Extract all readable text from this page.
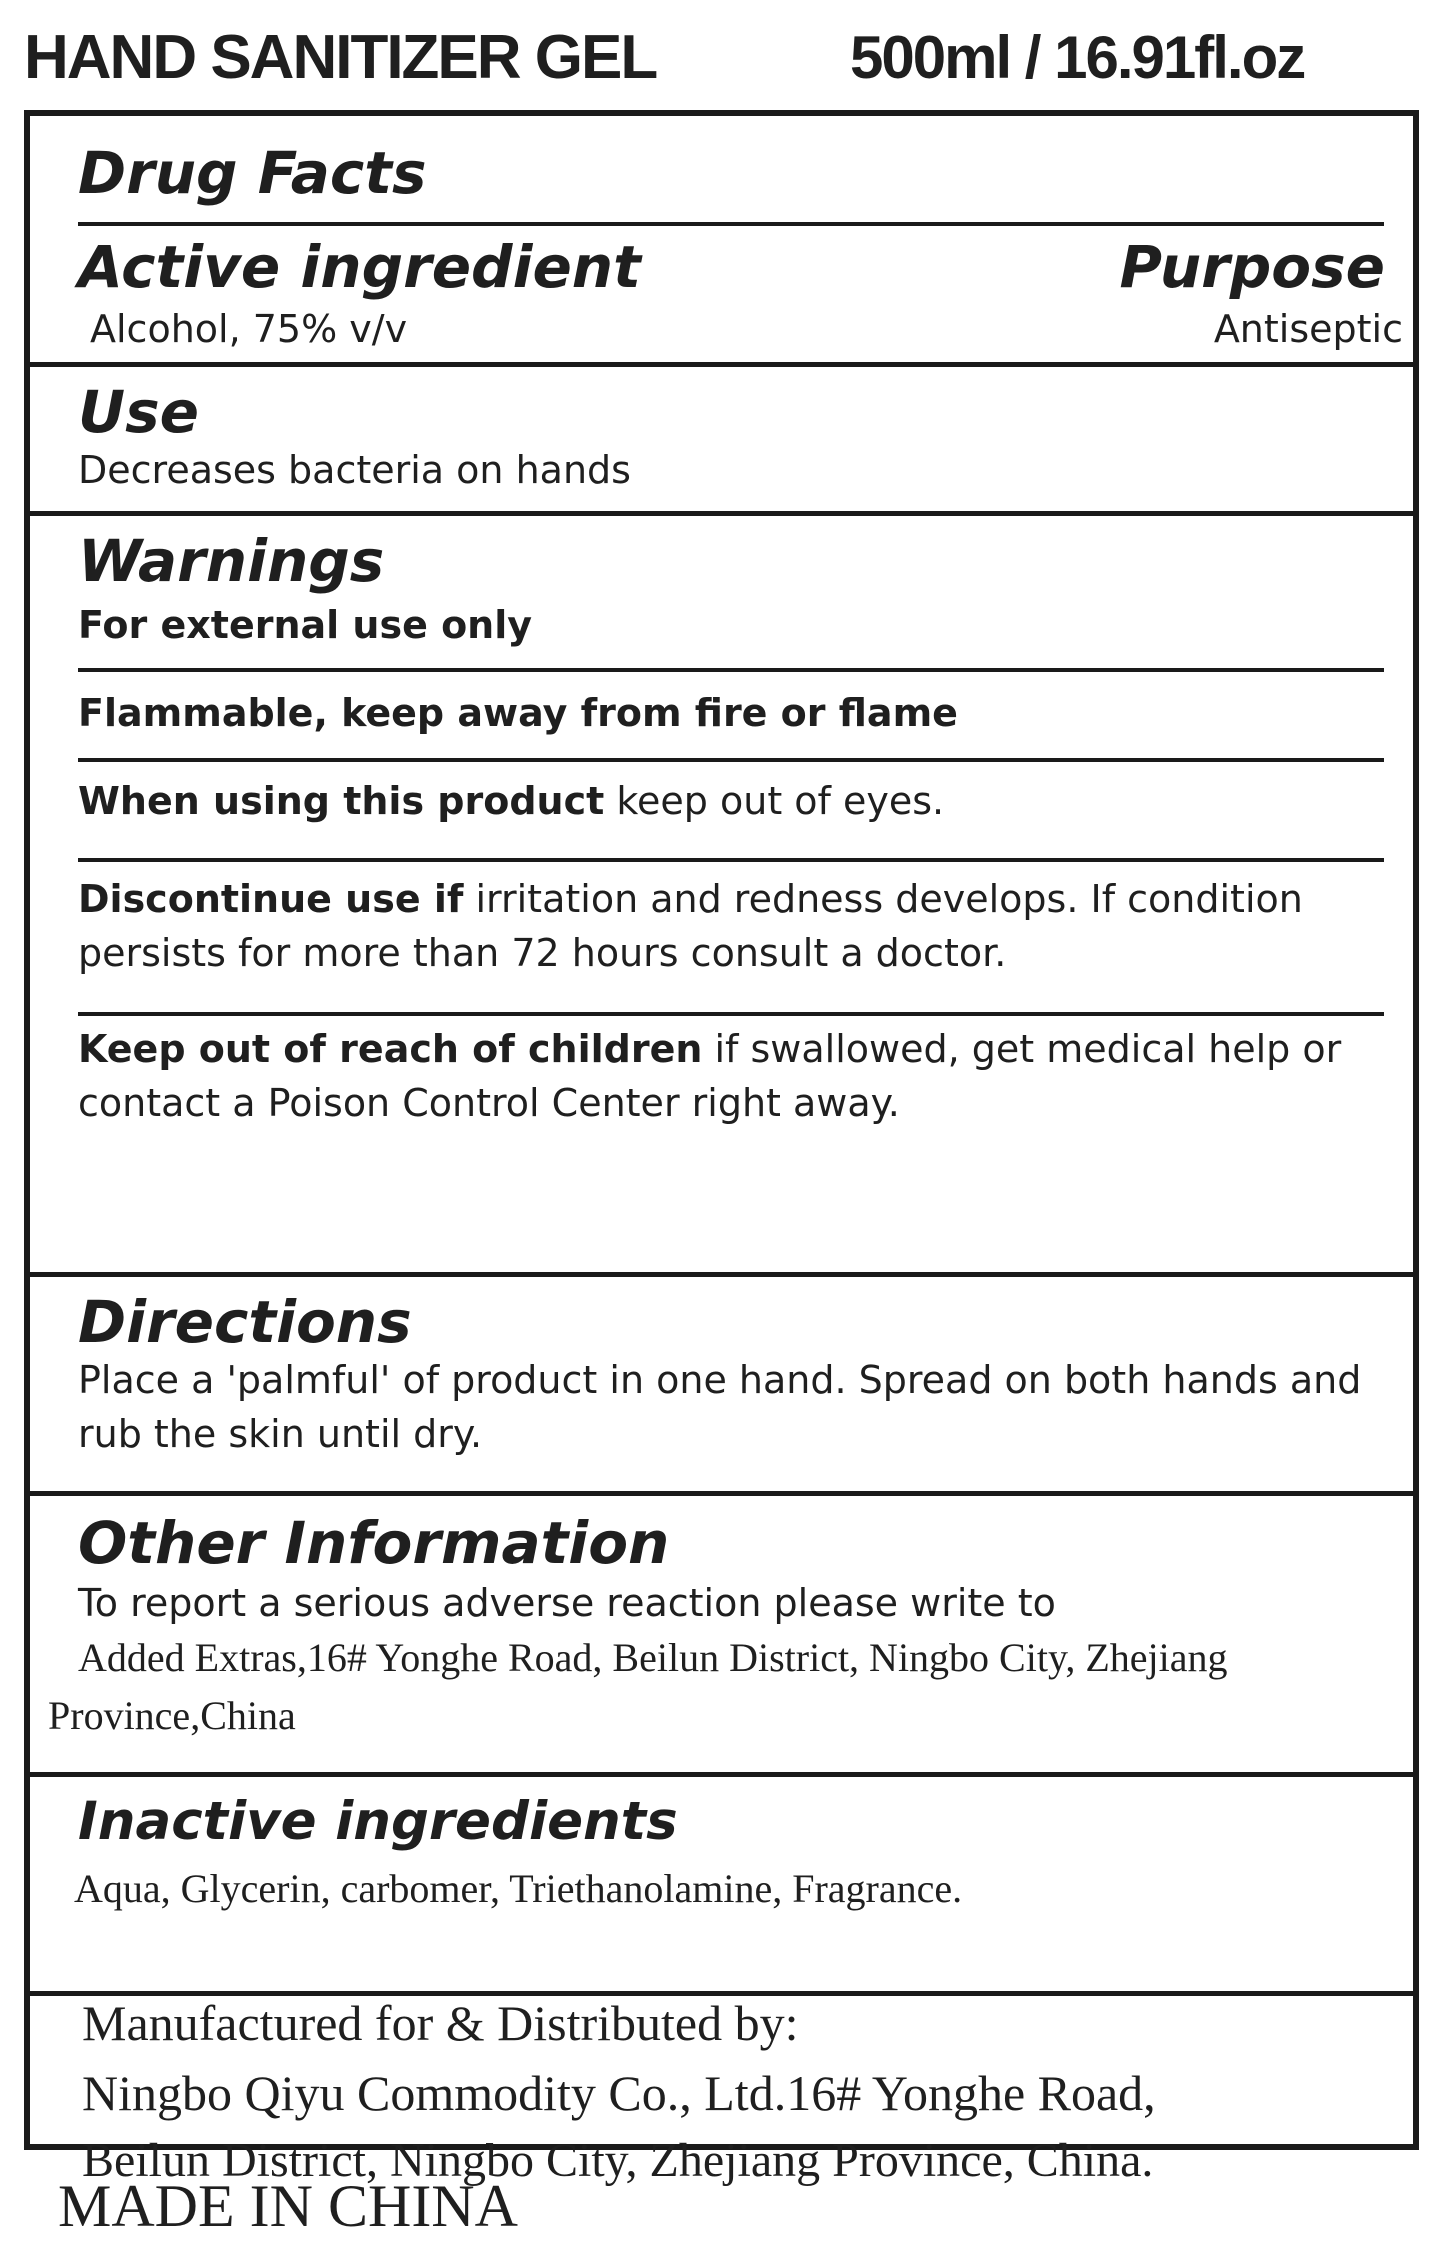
HAND SANITIZER GEL	500ml / 16.91fl.oz
Drug Facts
Active ingredient	Purpose
Alcohol, 75% v/v	Antiseptic
Use
Decreases bacteria on hands
Warnings
For external use only
Flammable, keep away from fire or flame
When using this product keep out of eyes.
Discontinue use if irritation and redness develops. If condition persists for more than 72 hours consult a doctor.
Keep out of reach of children if swallowed, get medical help or contact a Poison Control Center right away.
Directions
Place a 'palmful' of product in one hand. Spread on both hands and rub the skin until dry.
Other Information
To report a serious adverse reaction please write to
Added Extras,16# Yonghe Road, Beilun District, Ningbo City, Zhejiang
Province,China
Inactive ingredients
Aqua, Glycerin, carbomer, Triethanolamine, Fragrance.
Manufactured for & Distributed by:
Ningbo Qiyu Commodity Co., Ltd.16# Yonghe Road,
Beilun District, Ningbo City, Zhejiang Province, China.
MADE IN CHINA
